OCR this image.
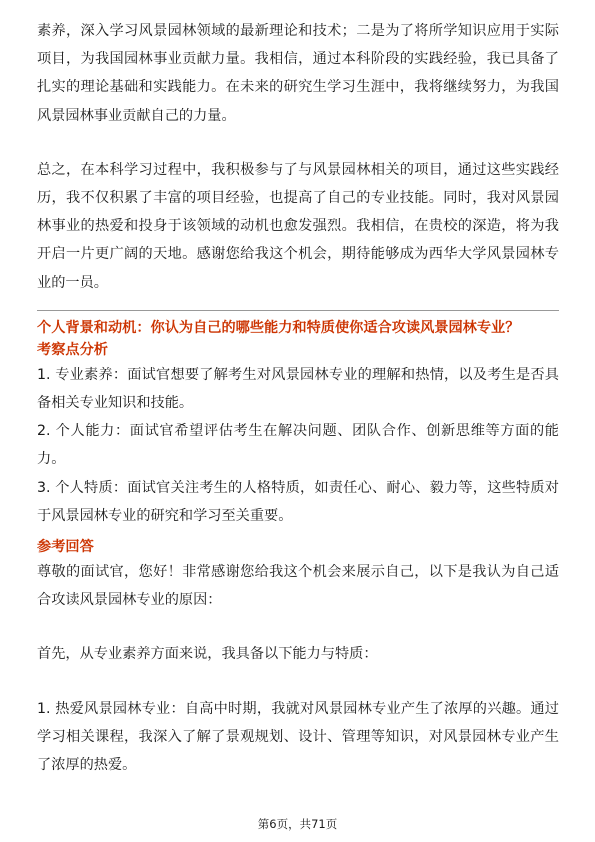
素养，深入学习风景园林领域的最新理论和技术；二是为了将所学知识应用于实际项目，为我国园林事业贡献力量。我相信，通过本科阶段的实践经验，我已具备了扎实的理论基础和实践能力。在未来的研究生学习生涯中，我将继续努力，为我国风景园林事业贡献自己的力量。

总之，在本科学习过程中，我积极参与了与风景园林相关的项目，通过这些实践经历，我不仅积累了丰富的项目经验，也提高了自己的专业技能。同时，我对风景园林事业的热爱和投身于该领域的动机也愈发强烈。我相信，在贵校的深造，将为我开启一片更广阔的天地。感谢您给我这个机会，期待能够成为西华大学风景园林专业的一员。

个人背景和动机：你认为自己的哪些能力和特质使你适合攻读风景园林专业？

考察点分析

1. 专业素养：面试官想要了解考生对风景园林专业的理解和热情，以及考生是否具备相关专业知识和技能。

2. 个人能力：面试官希望评估考生在解决问题、团队合作、创新思维等方面的能力。

3. 个人特质：面试官关注考生的人格特质，如责任心、耐心、毅力等，这些特质对于风景园林专业的研究和学习至关重要。

参考回答

尊敬的面试官，您好！非常感谢您给我这个机会来展示自己，以下是我认为自己适合攻读风景园林专业的原因：

首先，从专业素养方面来说，我具备以下能力与特质：

1. 热爱风景园林专业：自高中时期，我就对风景园林专业产生了浓厚的兴趣。通过学习相关课程，我深入了解了景观规划、设计、管理等知识，对风景园林专业产生了浓厚的热爱。

第6页，共71页
